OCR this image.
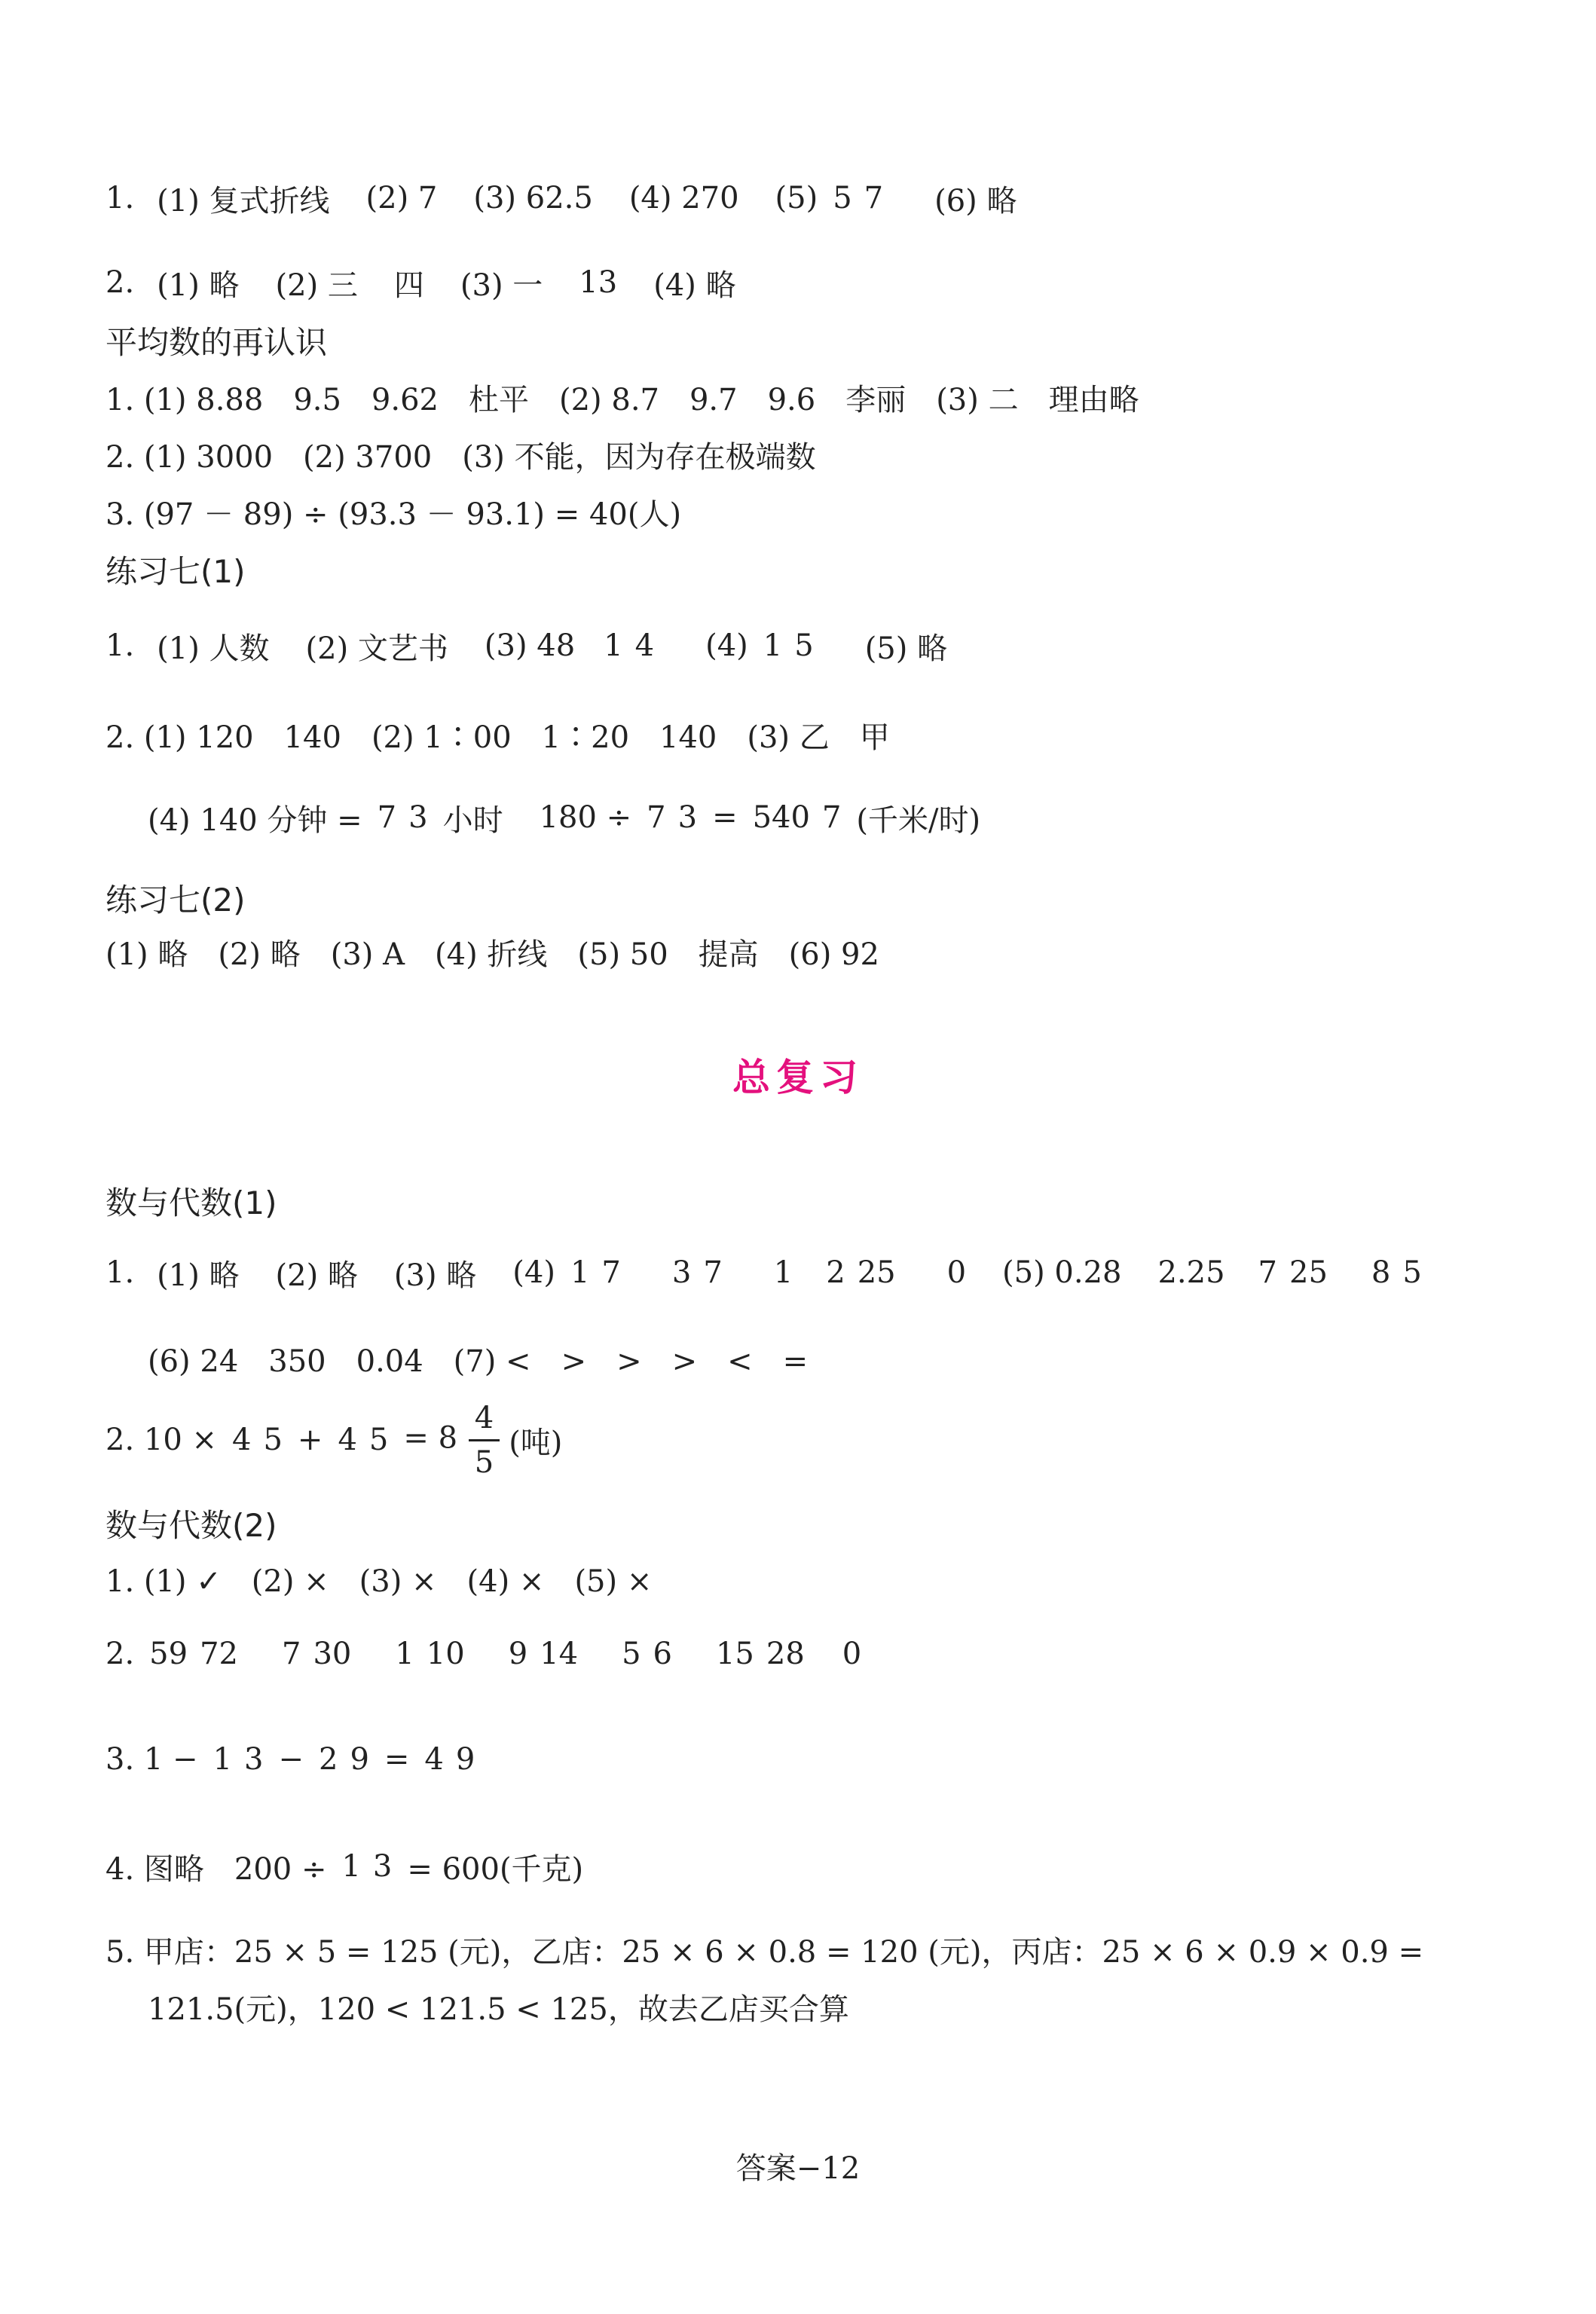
1. (1) 复式折线 (2) 7 (3) 62.5 (4) 270 (5) 5 7 (6) 略
2. (1) 略 (2) 三 四 (3) 一 13 (4) 略
平均数的再认识
1. (1) 8.88　9.5　9.62　杜平　(2) 8.7　9.7　9.6　李丽　(3) 二　理由略
2. (1) 3000　(2) 3700　(3) 不能，因为存在极端数
3. (97 － 89) ÷ (93.3 － 93.1) = 40(人)
练习七(1)
1. (1) 人数 (2) 文艺书 (3) 48 1 4 (4) 1 5 (5) 略
2. (1) 120　140　(2) 1∶00　1∶20　140　(3) 乙　甲
(4) 140 分钟 = 7 3 小时 180 ÷ 7 3 = 540 7 (千米/时)
练习七(2)
(1) 略　(2) 略　(3) A　(4) 折线　(5) 50　提高　(6) 92
总复习
数与代数(1)
1. (1) 略 (2) 略 (3) 略 (4) 1 7 3 7 1 2 25 0 (5) 0.28 2.25 7 25 8 5
(6) 24　350　0.04　(7) <　>　>　>　<　=
2. 10 × 4 5 + 4 $5 = 8 \frac{4}{5}$ (吨)
数与代数(2)
1. (1) ✓　(2) ×　(3) ×　(4) ×　(5) ×
2. 59 72 7 30 1 10 9 14 5 6 15 28 0
3. 1 − 1 3 − 2 9 = 4 9
4. 图略　200 ÷ 1 3 = 600(千克)
5. 甲店：25 × 5 = 125 (元)，乙店：25 × 6 × 0.8 = 120 (元)，丙店：25 × 6 × 0.9 × 0.9 =
121.5(元)，120 < 121.5 < 125，故去乙店买合算
答案−12
